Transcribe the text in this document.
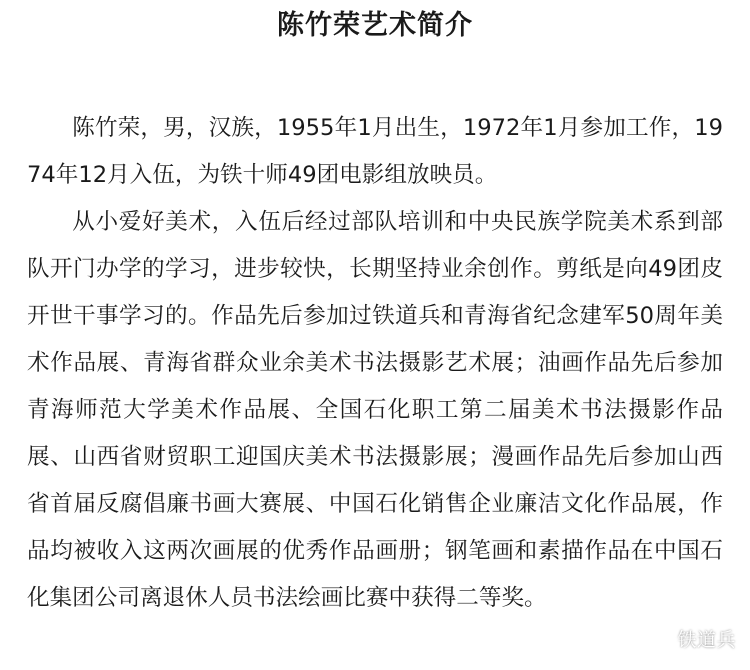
陈竹荣艺术简介

陈竹荣，男，汉族，1955年1月出生，1972年1月参加工作，1974年12月入伍，为铁十师49团电影组放映员。

从小爱好美术，入伍后经过部队培训和中央民族学院美术系到部队开门办学的学习，进步较快，长期坚持业余创作。剪纸是向49团皮开世干事学习的。作品先后参加过铁道兵和青海省纪念建军50周年美术作品展、青海省群众业余美术书法摄影艺术展；油画作品先后参加青海师范大学美术作品展、全国石化职工第二届美术书法摄影作品展、山西省财贸职工迎国庆美术书法摄影展；漫画作品先后参加山西省首届反腐倡廉书画大赛展、中国石化销售企业廉洁文化作品展，作品均被收入这两次画展的优秀作品画册；钢笔画和素描作品在中国石化集团公司离退休人员书法绘画比赛中获得二等奖。

铁道兵
